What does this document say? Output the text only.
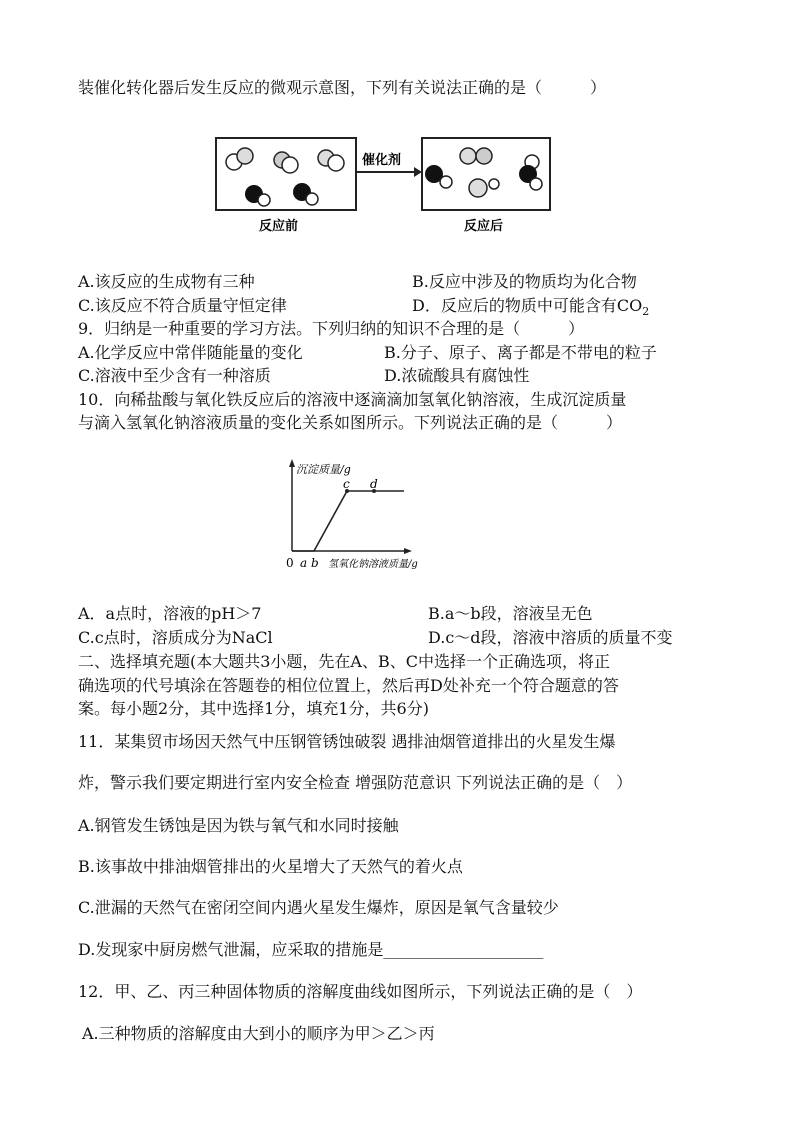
装催化转化器后发生反应的微观示意图，下列有关说法正确的是（　　　）
催化剂
反应前	反应后
A.该反应的生成物有三种	B.反应中涉及的物质均为化合物
C.该反应不符合质量守恒定律	D．反应后的物质中可能含有$CO_2$
9．归纳是一种重要的学习方法。下列归纳的知识不合理的是（　　　）
A.化学反应中常伴随能量的变化	B.分子、原子、离子都是不带电的粒子
C.溶液中至少含有一种溶质	D.浓硫酸具有腐蚀性
10．向稀盐酸与氧化铁反应后的溶液中逐滴滴加氢氧化钠溶液，生成沉淀质量
与滴入氢氧化钠溶液质量的变化关系如图所示。下列说法正确的是（　　　）
沉淀质量/g
氢氧化钠溶液质量/g
0 a b
c d
A．a点时，溶液的pH＞7	B.a～b段，溶液呈无色
C.c点时，溶质成分为NaCl	D.c～d段，溶液中溶质的质量不变
二、选择填充题(本大题共3小题，先在A、B、C中选择一个正确选项，将正
确选项的代号填涂在答题卷的相位位置上，然后再D处补充一个符合题意的答
案。每小题2分，其中选择1分，填充1分，共6分)
11．某集贸市场因天然气中压钢管锈蚀破裂 遇排油烟管道排出的火星发生爆
炸，警示我们要定期进行室内安全检查 增强防范意识 下列说法正确的是（　）
A.钢管发生锈蚀是因为铁与氧气和水同时接触
B.该事故中排油烟管排出的火星增大了天然气的着火点
C.泄漏的天然气在密闭空间内遇火星发生爆炸，原因是氧气含量较少
D.发现家中厨房燃气泄漏，应采取的措施是____________________
12．甲、乙、丙三种固体物质的溶解度曲线如图所示，下列说法正确的是（　）
A.三种物质的溶解度由大到小的顺序为甲＞乙＞丙
